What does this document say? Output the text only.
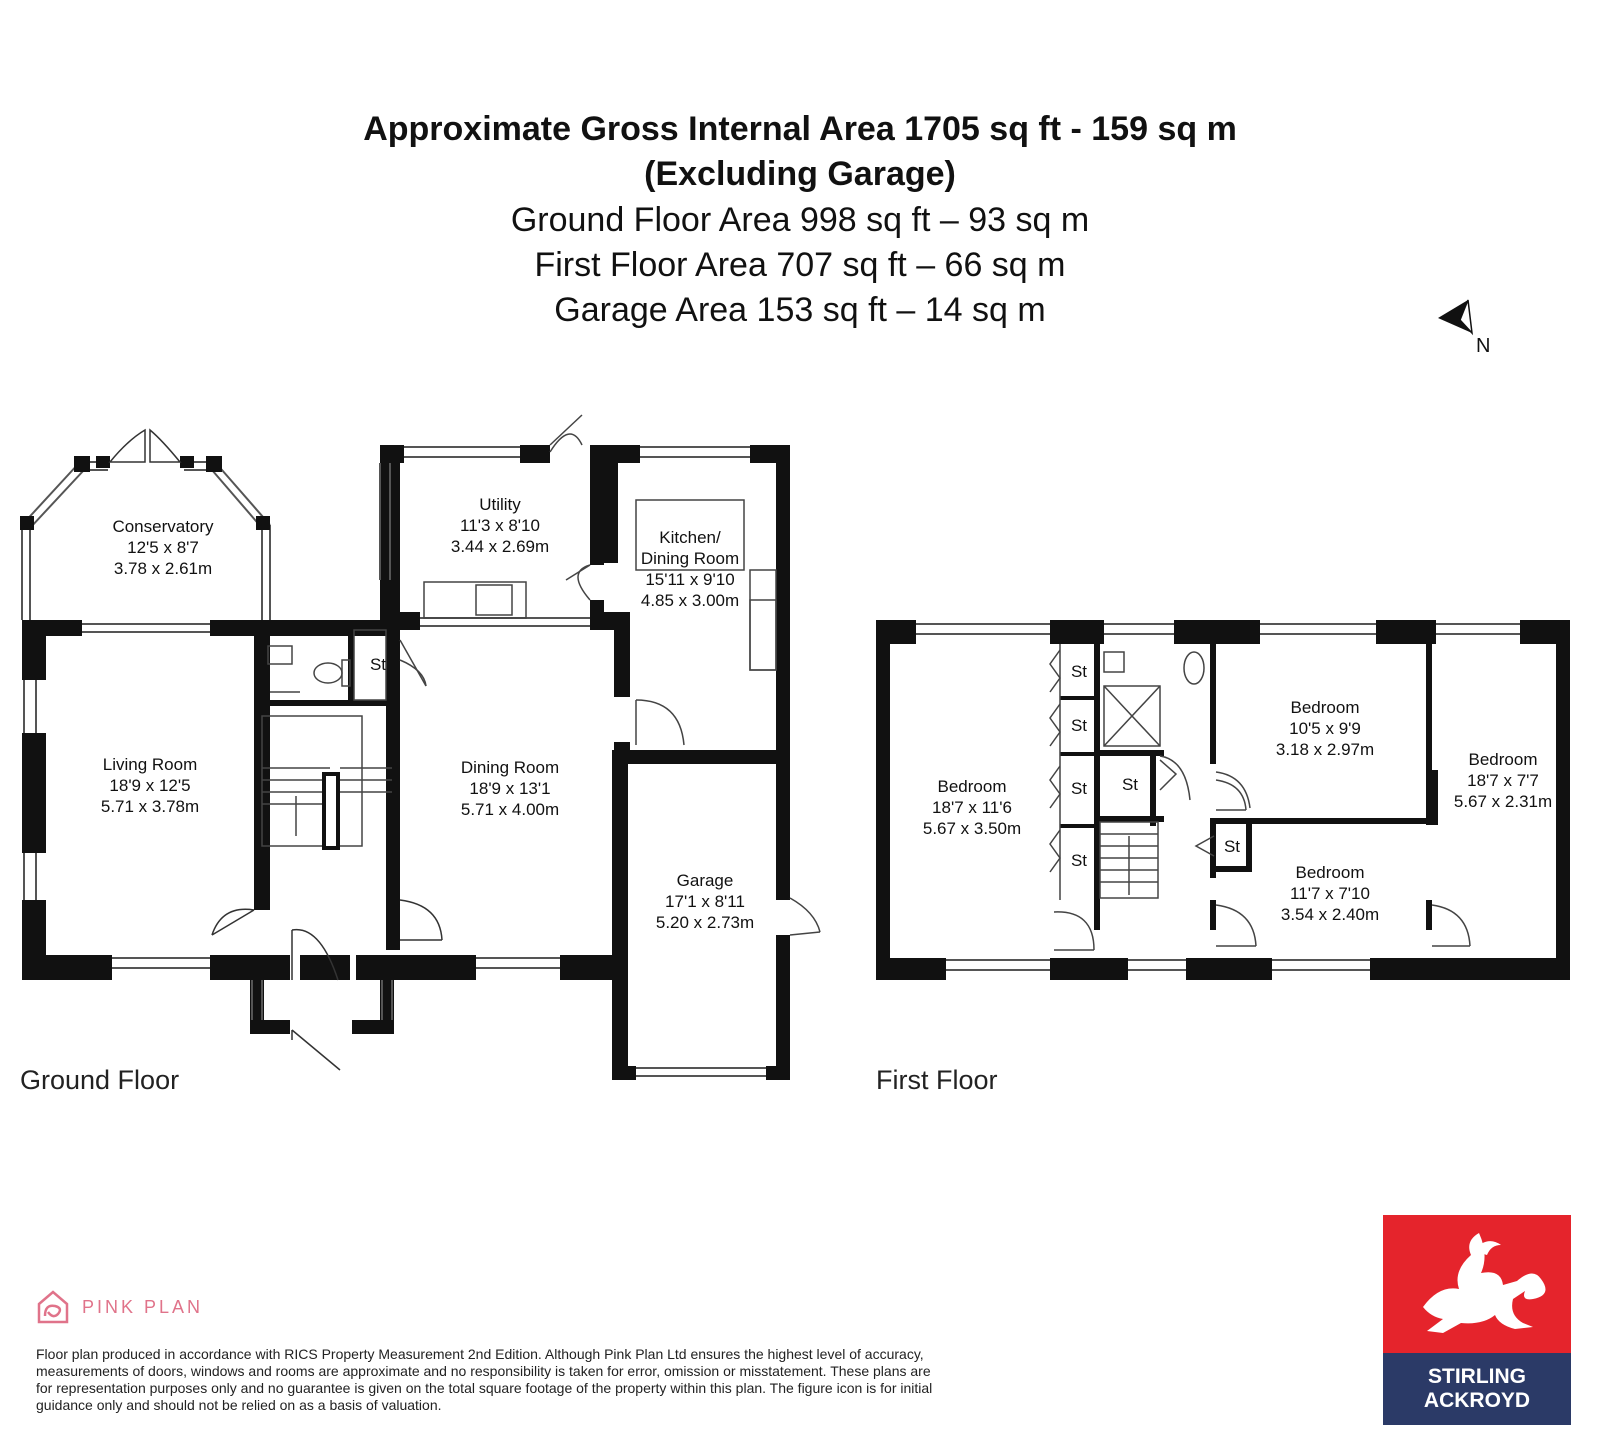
Approximate Gross Internal Area 1705 sq ft - 159 sq m
(Excluding Garage)
Ground Floor Area 998 sq ft – 93 sq m
First Floor Area 707 sq ft – 66 sq m
Garage Area 153 sq ft – 14 sq m
N
Conservatory
12'5 x 8'7
3.78 x 2.61m
Utility
11'3 x 8'10
3.44 x 2.69m	Kitchen/
Dining Room
15'11 x 9'10
4.85 x 3.00m
Living Room
18'9 x 12'5
5.71 x 3.78m
Dining Room
18'9 x 13'1
5.71 x 4.00m
Garage
17'1 x 8'11
5.20 x 2.73m
St
Bedroom
18'7 x 11'6
5.67 x 3.50m
Bedroom
10'5 x 9'9
3.18 x 2.97m
Bedroom
18'7 x 7'7
5.67 x 2.31m
Bedroom
11'7 x 7'10
3.54 x 2.40m
St
St
St
St
St
St
Ground Floor	First Floor
PINK PLAN
Floor plan produced in accordance with RICS Property Measurement 2nd Edition. Although Pink Plan Ltd ensures the highest level of accuracy, measurements of doors, windows and rooms are approximate and no responsibility is taken for error, omission or misstatement. These plans are for representation purposes only and no guarantee is given on the total square footage of the property within this plan. The figure icon is for initial guidance only and should not be relied on as a basis of valuation.
STIRLING
ACKROYD
